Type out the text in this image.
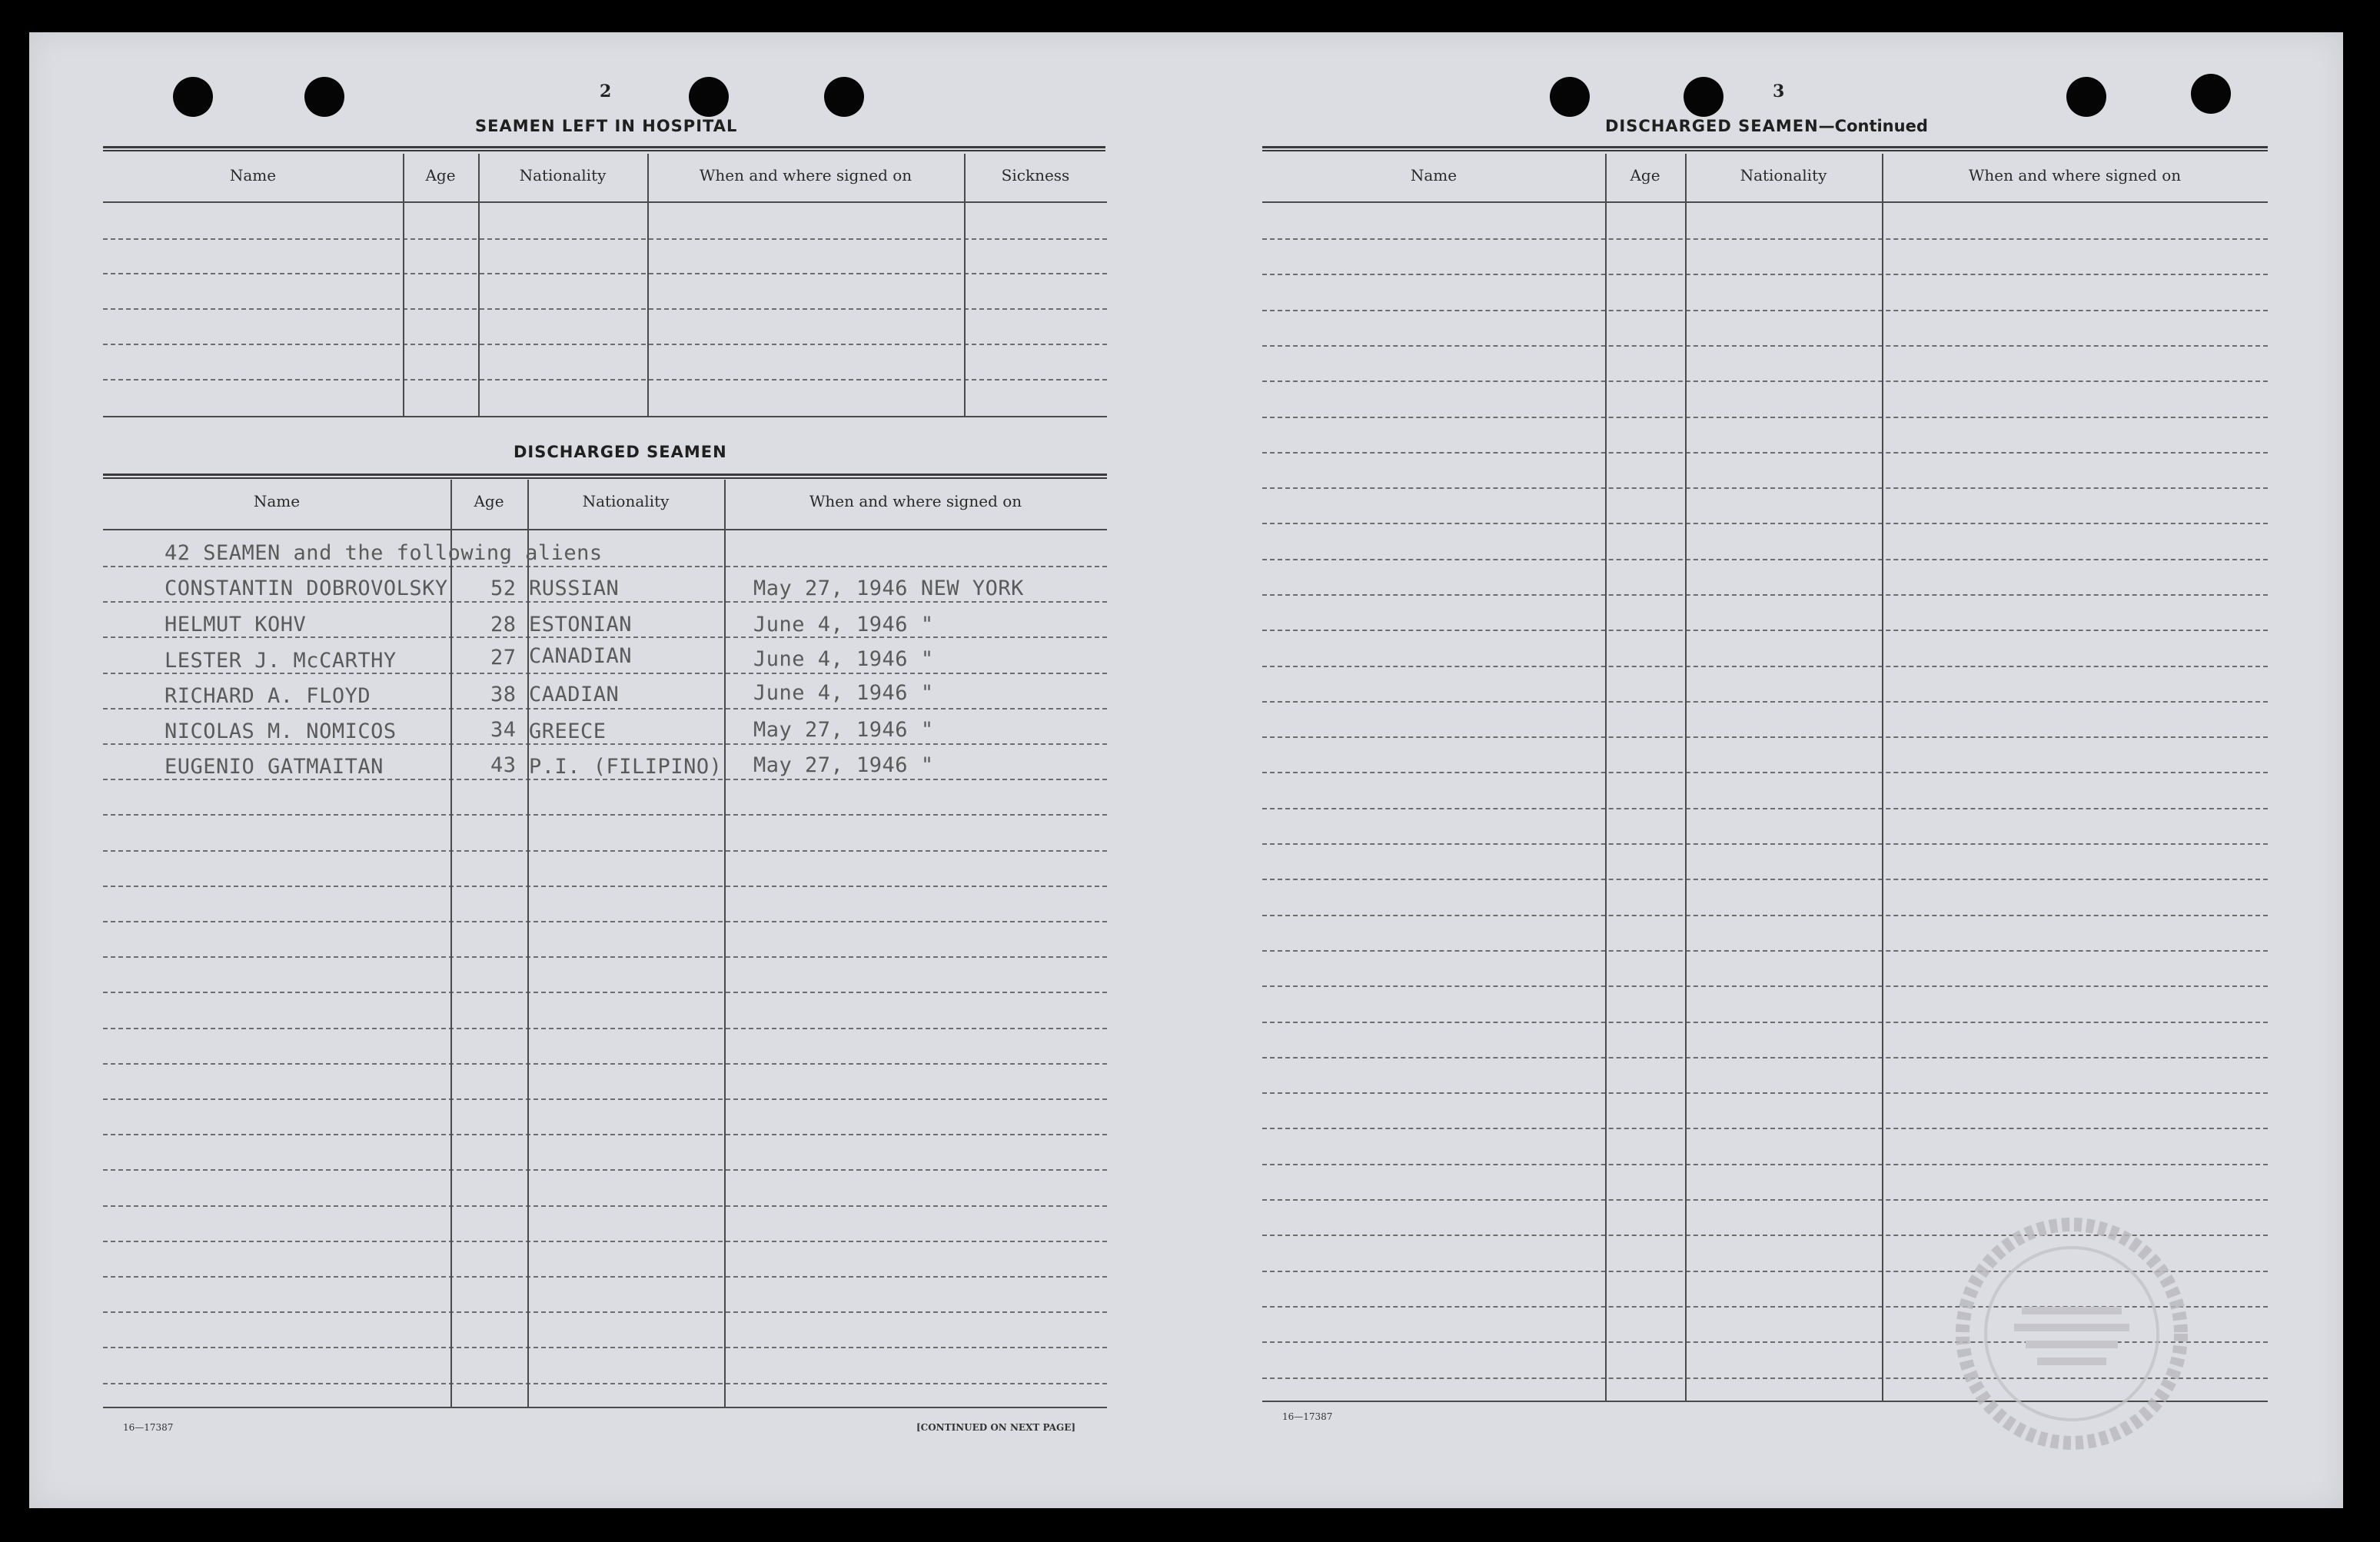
2
SEAMEN LEFT IN HOSPITAL
Name	Age	Nationality	When and where signed on	Sickness
DISCHARGED SEAMEN
Name	Age	Nationality	When and where signed on
42 SEAMEN and the following aliens
CONSTANTIN DOBROVOLSKY 52 RUSSIAN	May 27, 1946 NEW YORK
HELMUT KOHV	28 ESTONIAN	June 4, 1946 "
LESTER J. McCARTHY	27 CANADIAN	June 4, 1946 "
RICHARD A. FLOYD	38 CAADIAN	June 4, 1946 "
NICOLAS M. NOMICOS	34 GREECE	May 27, 1946 "
EUGENIO GATMAITAN	43 P.I. (FILIPINO) May 27, 1946 "
16—17387	[CONTINUED ON NEXT PAGE]
3
DISCHARGED SEAMEN—Continued
Name	Age	Nationality	When and where signed on
16—17387
